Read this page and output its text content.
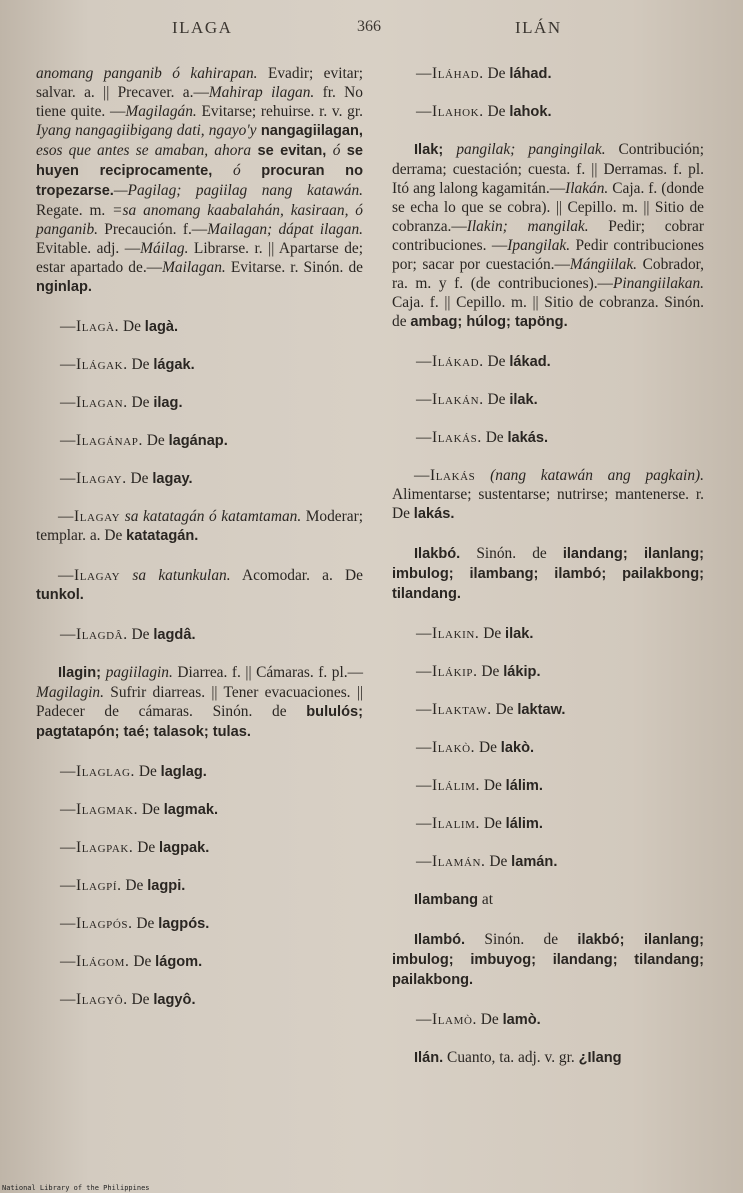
ILAGA	366	ILÁN

anomang panganib ó kahirapan. Evadir; evitar; salvar. a. || Precaver. a.—Mahirap ilagan. fr. No tiene quite. —Magilagán. Evitarse; rehuirse. r. v. gr. Iyang nangagiibigang dati, ngayo'y nangagiilagan, esos que antes se amaban, ahora se evitan, ó se huyen reciprocamente, ó procuran no tropezarse.—Pagilag; pagiilag nang katawán. Regate. m. =sa anomang kaabalahán, kasiraan, ó panganib. Precaución. f.—Mailagan; dápat ilagan. Evitable. adj. —Máilag. Librarse. r. || Apartarse de; estar apartado de.—Mailagan. Evitarse. r. Sinón. de nginlap.

—Ilagà. De lagà.

—Ilágak. De lágak.

—Ilagan. De ilag.

—Ilagánap. De lagánap.

—Ilagay. De lagay.

—Ilagay sa katatagán ó katamtaman. Moderar; templar. a. De katatagán.

—Ilagay sa katunkulan. Acomodar. a. De tunkol.

—Ilagdâ. De lagdâ.

Ilagin; pagiilagin. Diarrea. f. || Cámaras. f. pl.—Magilagin. Sufrir diarreas. || Tener evacuaciones. || Padecer de cámaras. Sinón. de bululós; pagtatapón; taé; talasok; tulas.

—Ilaglag. De laglag.

—Ilagmak. De lagmak.

—Ilagpak. De lagpak.

—Ilagpí. De lagpi.

—Ilagpós. De lagpós.

—Ilágom. De lágom.

—Ilagyô. De lagyô.

—Iláhad. De láhad.

—Ilahok. De lahok.

Ilak; pangilak; pangingilak. Contribución; derrama; cuestación; cuesta. f. || Derramas. f. pl. Itó ang lalong kagamitán.—Ilakán. Caja. f. (donde se echa lo que se cobra). || Cepillo. m. || Sitio de cobranza.—Ilakin; mangilak. Pedir; cobrar contribuciones. —Ipangilak. Pedir contribuciones por; sacar por cuestación.—Mángiilak. Cobrador, ra. m. y f. (de contribuciones).—Pinangiilakan. Caja. f. || Cepillo. m. || Sitio de cobranza. Sinón. de ambag; húlog; tapöng.

—Ilákad. De lákad.

—Ilakán. De ilak.

—Ilakás. De lakás.

—Ilakás (nang katawán ang pagkain). Alimentarse; sustentarse; nutrirse; mantenerse. r. De lakás.

Ilakbó. Sinón. de ilandang; ilanlang; imbulog; ilambang; ilambó; pailakbong; tilandang.

—Ilakin. De ilak.

—Ilákip. De lákip.

—Ilaktaw. De laktaw.

—Ilakò. De lakò.

—Ilálim. De lálim.

—Ilalim. De lálim.

—Ilamán. De lamán.

Ilambang at

Ilambó. Sinón. de ilakbó; ilanlang; imbulog; imbuyog; ilandang; tilandang; pailakbong.

—Ilamò. De lamò.

Ilán. Cuanto, ta. adj. v. gr. ¿Ilang

National Library of the Philippines
